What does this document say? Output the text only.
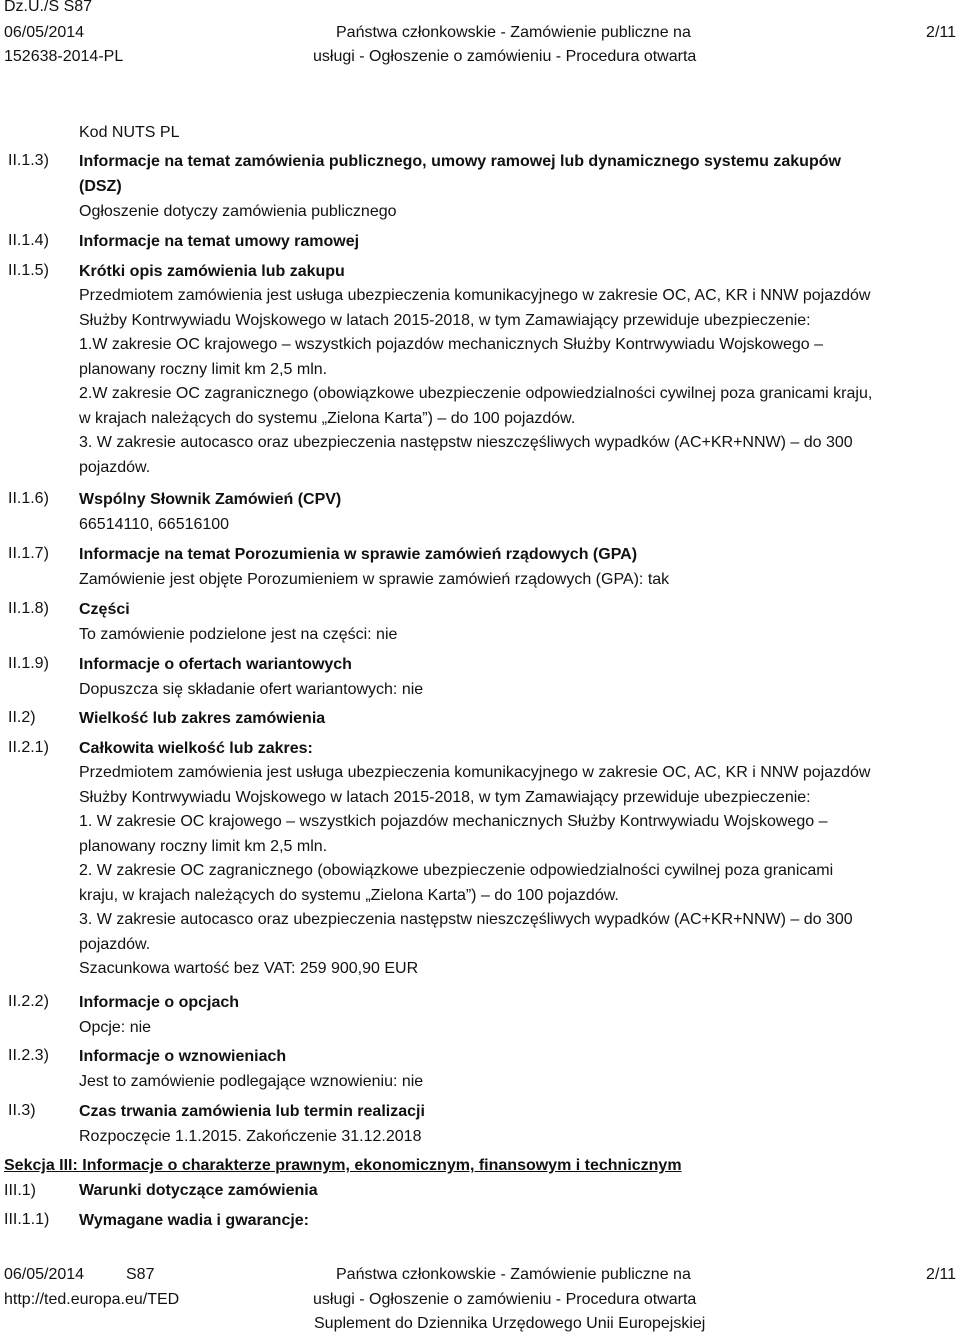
Dz.U./S S87
06/05/2014
152638-2014-PL
Państwa członkowskie - Zamówienie publiczne na
usługi - Ogłoszenie o zamówieniu - Procedura otwarta
2/11
Kod NUTS PL
II.1.3) Informacje na temat zamówienia publicznego, umowy ramowej lub dynamicznego systemu zakupów
(DSZ)
Ogłoszenie dotyczy zamówienia publicznego
II.1.4) Informacje na temat umowy ramowej
II.1.5) Krótki opis zamówienia lub zakupu
Przedmiotem zamówienia jest usługa ubezpieczenia komunikacyjnego w zakresie OC, AC, KR i NNW pojazdów
Służby Kontrwywiadu Wojskowego w latach 2015-2018, w tym Zamawiający przewiduje ubezpieczenie:
1.W zakresie OC krajowego – wszystkich pojazdów mechanicznych Służby Kontrwywiadu Wojskowego –
planowany roczny limit km 2,5 mln.
2.W zakresie OC zagranicznego (obowiązkowe ubezpieczenie odpowiedzialności cywilnej poza granicami kraju,
w krajach należących do systemu „Zielona Karta”) – do 100 pojazdów.
3. W zakresie autocasco oraz ubezpieczenia następstw nieszczęśliwych wypadków (AC+KR+NNW) – do 300
pojazdów.
II.1.6) Wspólny Słownik Zamówień (CPV)
66514110, 66516100
II.1.7) Informacje na temat Porozumienia w sprawie zamówień rządowych (GPA)
Zamówienie jest objęte Porozumieniem w sprawie zamówień rządowych (GPA): tak
II.1.8) Części
To zamówienie podzielone jest na części: nie
II.1.9) Informacje o ofertach wariantowych
Dopuszcza się składanie ofert wariantowych: nie
II.2)	Wielkość lub zakres zamówienia
II.2.1) Całkowita wielkość lub zakres:
Przedmiotem zamówienia jest usługa ubezpieczenia komunikacyjnego w zakresie OC, AC, KR i NNW pojazdów
Służby Kontrwywiadu Wojskowego w latach 2015-2018, w tym Zamawiający przewiduje ubezpieczenie:
1. W zakresie OC krajowego – wszystkich pojazdów mechanicznych Służby Kontrwywiadu Wojskowego –
planowany roczny limit km 2,5 mln.
2. W zakresie OC zagranicznego (obowiązkowe ubezpieczenie odpowiedzialności cywilnej poza granicami
kraju, w krajach należących do systemu „Zielona Karta”) – do 100 pojazdów.
3. W zakresie autocasco oraz ubezpieczenia następstw nieszczęśliwych wypadków (AC+KR+NNW) – do 300
pojazdów.
Szacunkowa wartość bez VAT: 259 900,90 EUR
II.2.2) Informacje o opcjach
Opcje: nie
II.2.3) Informacje o wznowieniach
Jest to zamówienie podlegające wznowieniu: nie
II.3)	Czas trwania zamówienia lub termin realizacji
Rozpoczęcie 1.1.2015. Zakończenie 31.12.2018
Sekcja III: Informacje o charakterze prawnym, ekonomicznym, finansowym i technicznym
III.1)	Warunki dotyczące zamówienia
III.1.1) Wymagane wadia i gwarancje:
06/05/2014	S87
http://ted.europa.eu/TED
Państwa członkowskie - Zamówienie publiczne na
usługi - Ogłoszenie o zamówieniu - Procedura otwarta
Suplement do Dziennika Urzędowego Unii Europejskiej
2/11
